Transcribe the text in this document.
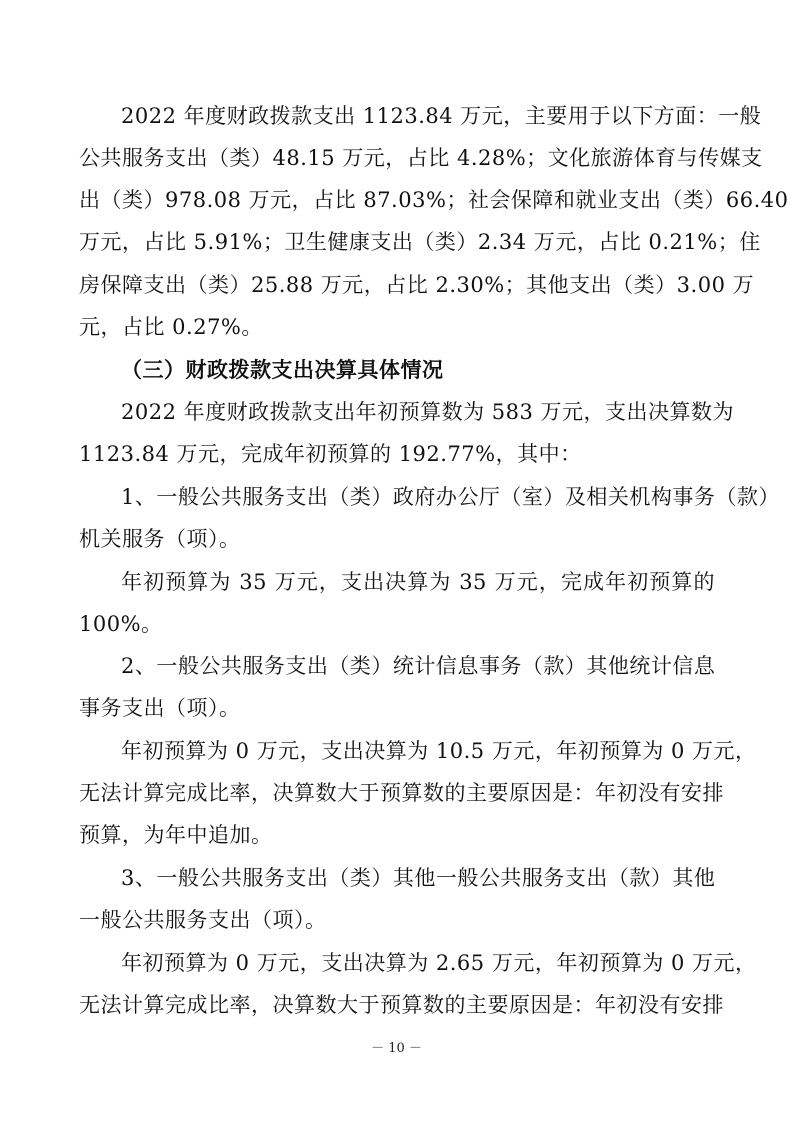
2022 年度财政拨款支出 1123.84 万元，主要用于以下方面：一般
公共服务支出（类）48.15 万元，占比 4.28%；文化旅游体育与传媒支
出（类）978.08 万元，占比 87.03%；社会保障和就业支出（类）66.40
万元，占比 5.91%；卫生健康支出（类）2.34 万元，占比 0.21%；住
房保障支出（类）25.88 万元，占比 2.30%；其他支出（类）3.00 万
元，占比 0.27%。
（三）财政拨款支出决算具体情况
2022 年度财政拨款支出年初预算数为 583 万元，支出决算数为
1123.84 万元，完成年初预算的 192.77%，其中：
1、一般公共服务支出（类）政府办公厅（室）及相关机构事务（款）
机关服务（项）。
年初预算为 35 万元，支出决算为 35 万元，完成年初预算的
100%。
2、一般公共服务支出（类）统计信息事务（款）其他统计信息
事务支出（项）。
年初预算为 0 万元，支出决算为 10.5 万元，年初预算为 0 万元，
无法计算完成比率，决算数大于预算数的主要原因是：年初没有安排
预算，为年中追加。
3、一般公共服务支出（类）其他一般公共服务支出（款）其他
一般公共服务支出（项）。
年初预算为 0 万元，支出决算为 2.65 万元，年初预算为 0 万元，
无法计算完成比率，决算数大于预算数的主要原因是：年初没有安排
－ 10 －
